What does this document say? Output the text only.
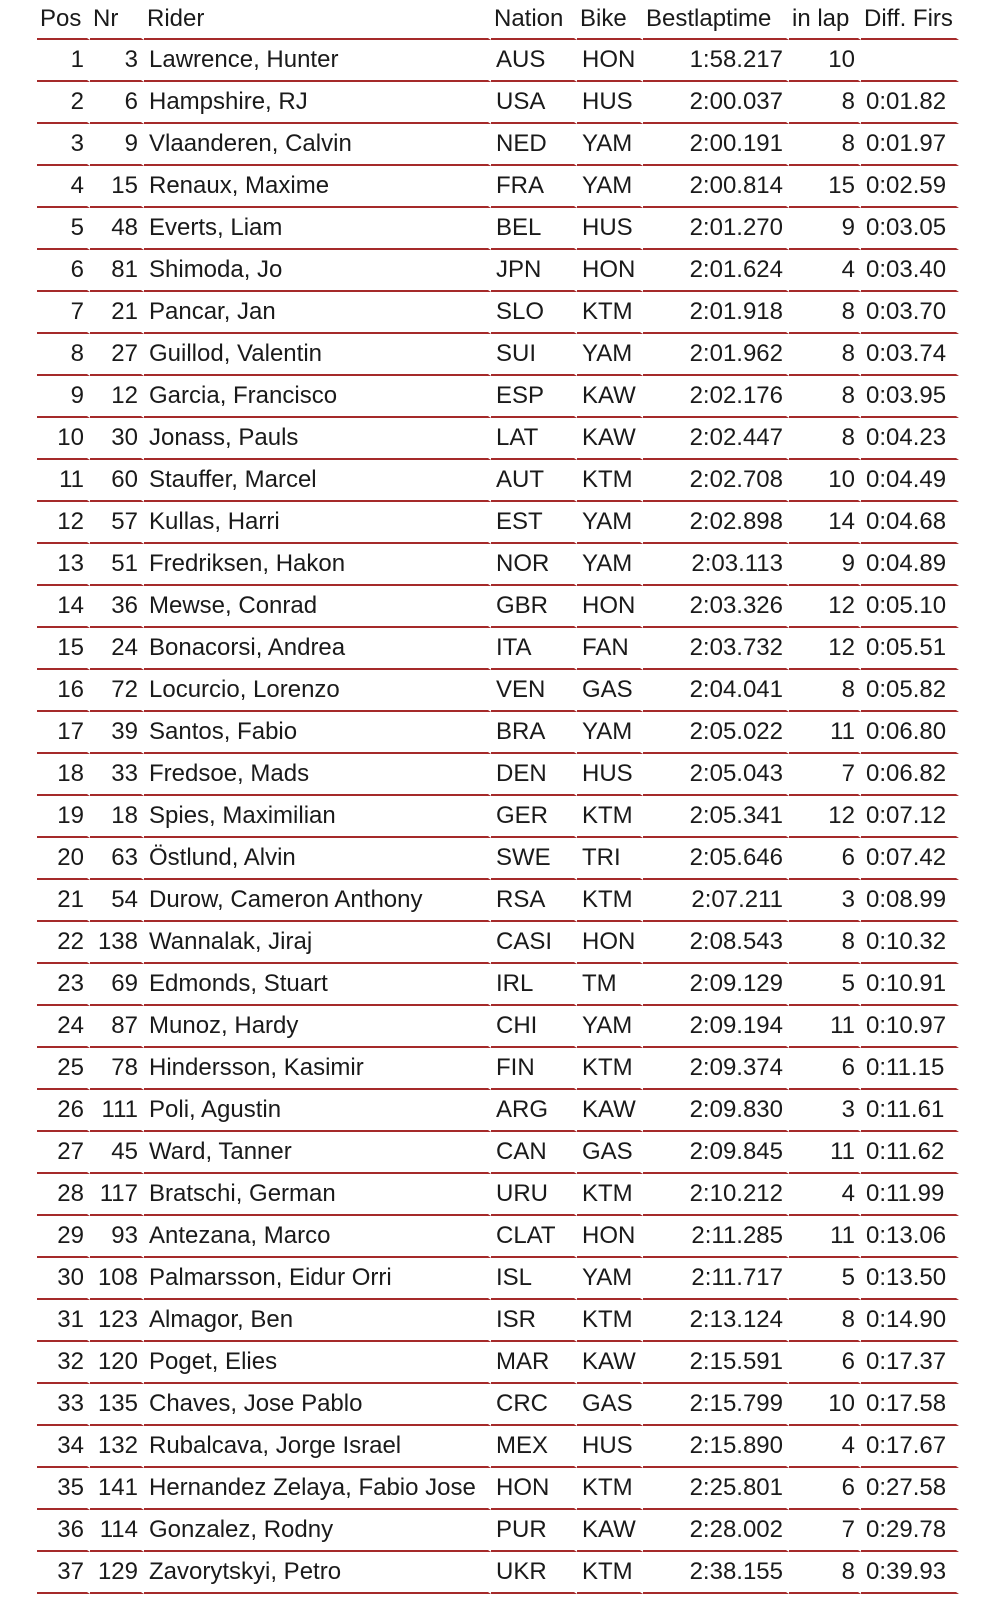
Pos	Nr	Rider	Nation	Bike	Bestlaptime	in lap	Diff. Firs
1	3	Lawrence, Hunter	AUS	HON	1:58.217	10	
2	6	Hampshire, RJ	USA	HUS	2:00.037	8	0:01.82
3	9	Vlaanderen, Calvin	NED	YAM	2:00.191	8	0:01.97
4	15	Renaux, Maxime	FRA	YAM	2:00.814	15	0:02.59
5	48	Everts, Liam	BEL	HUS	2:01.270	9	0:03.05
6	81	Shimoda, Jo	JPN	HON	2:01.624	4	0:03.40
7	21	Pancar, Jan	SLO	KTM	2:01.918	8	0:03.70
8	27	Guillod, Valentin	SUI	YAM	2:01.962	8	0:03.74
9	12	Garcia, Francisco	ESP	KAW	2:02.176	8	0:03.95
10	30	Jonass, Pauls	LAT	KAW	2:02.447	8	0:04.23
11	60	Stauffer, Marcel	AUT	KTM	2:02.708	10	0:04.49
12	57	Kullas, Harri	EST	YAM	2:02.898	14	0:04.68
13	51	Fredriksen, Hakon	NOR	YAM	2:03.113	9	0:04.89
14	36	Mewse, Conrad	GBR	HON	2:03.326	12	0:05.10
15	24	Bonacorsi, Andrea	ITA	FAN	2:03.732	12	0:05.51
16	72	Locurcio, Lorenzo	VEN	GAS	2:04.041	8	0:05.82
17	39	Santos, Fabio	BRA	YAM	2:05.022	11	0:06.80
18	33	Fredsoe, Mads	DEN	HUS	2:05.043	7	0:06.82
19	18	Spies, Maximilian	GER	KTM	2:05.341	12	0:07.12
20	63	Östlund, Alvin	SWE	TRI	2:05.646	6	0:07.42
21	54	Durow, Cameron Anthony	RSA	KTM	2:07.211	3	0:08.99
22	138	Wannalak, Jiraj	CASI	HON	2:08.543	8	0:10.32
23	69	Edmonds, Stuart	IRL	TM	2:09.129	5	0:10.91
24	87	Munoz, Hardy	CHI	YAM	2:09.194	11	0:10.97
25	78	Hindersson, Kasimir	FIN	KTM	2:09.374	6	0:11.15
26	111	Poli, Agustin	ARG	KAW	2:09.830	3	0:11.61
27	45	Ward, Tanner	CAN	GAS	2:09.845	11	0:11.62
28	117	Bratschi, German	URU	KTM	2:10.212	4	0:11.99
29	93	Antezana, Marco	CLAT	HON	2:11.285	11	0:13.06
30	108	Palmarsson, Eidur Orri	ISL	YAM	2:11.717	5	0:13.50
31	123	Almagor, Ben	ISR	KTM	2:13.124	8	0:14.90
32	120	Poget, Elies	MAR	KAW	2:15.591	6	0:17.37
33	135	Chaves, Jose Pablo	CRC	GAS	2:15.799	10	0:17.58
34	132	Rubalcava, Jorge Israel	MEX	HUS	2:15.890	4	0:17.67
35	141	Hernandez Zelaya, Fabio Jose	HON	KTM	2:25.801	6	0:27.58
36	114	Gonzalez, Rodny	PUR	KAW	2:28.002	7	0:29.78
37	129	Zavorytskyi, Petro	UKR	KTM	2:38.155	8	0:39.93
